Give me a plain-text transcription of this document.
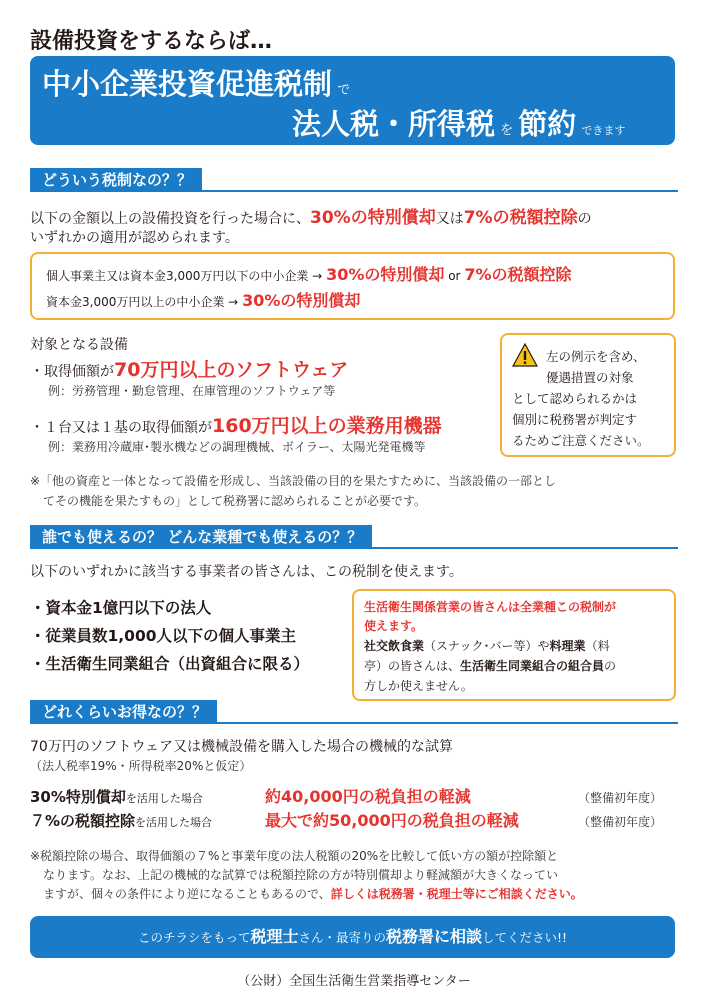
設備投資をするならば…
中小企業投資促進税制 で
法人税・所得税 を 節約 できます
どういう税制なの？？
以下の金額以上の設備投資を行った場合に、30%の特別償却又は7%の税額控除の
いずれかの適用が認められます。
個人事業主又は資本金3,000万円以下の中小企業 → 30%の特別償却 or 7%の税額控除
資本金3,000万円以上の中小企業 → 30%の特別償却
対象となる設備
・取得価額が70万円以上のソフトウェア
例：労務管理・勤怠管理、在庫管理のソフトウェア等
・１台又は１基の取得価額が160万円以上の業務用機器
例：業務用冷蔵庫･製氷機などの調理機械、ボイラー、太陽光発電機等
左の例示を含め、
優遇措置の対象
として認められるかは
個別に税務署が判定す
るためご注意ください。
※「他の資産と一体となって設備を形成し、当該設備の目的を果たすために、当該設備の一部とし
てその機能を果たすもの」として税務署に認められることが必要です。
誰でも使えるの？ どんな業種でも使えるの？？
以下のいずれかに該当する事業者の皆さんは、この税制を使えます。
・資本金1億円以下の法人
・従業員数1,000人以下の個人事業主
・生活衛生同業組合（出資組合に限る）
生活衛生関係営業の皆さんは全業種この税制が
使えます。
社交飲食業（スナック･バー等）や料理業（料
亭）の皆さんは、生活衛生同業組合の組合員の
方しか使えません。
どれくらいお得なの？？
70万円のソフトウェア又は機械設備を購入した場合の機械的な試算
（法人税率19%・所得税率20%と仮定）
30%特別償却を活用した場合	約40,000円の税負担の軽減	（整備初年度）
７%の税額控除を活用した場合	最大で約50,000円の税負担の軽減	（整備初年度）
※税額控除の場合、取得価額の７%と事業年度の法人税額の20%を比較して低い方の額が控除額と
なります。なお、上記の機械的な試算では税額控除の方が特別償却より軽減額が大きくなってい
ますが、個々の条件により逆になることもあるので、詳しくは税務署・税理士等にご相談ください。
このチラシをもって税理士さん・最寄りの税務署に相談してください!!
（公財）全国生活衛生営業指導センター
